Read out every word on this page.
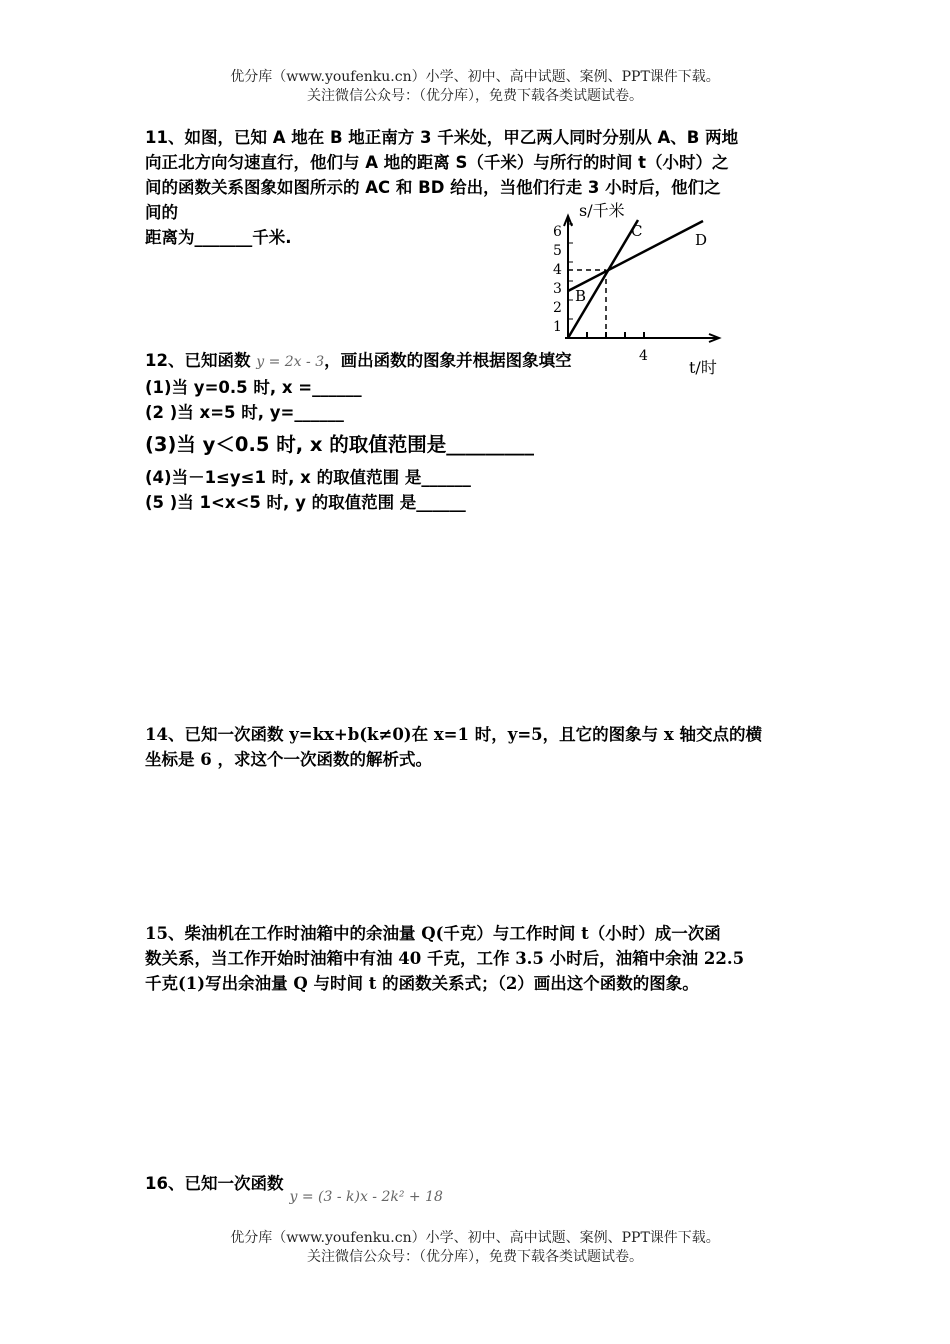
优分库（www.youfenku.cn）小学、初中、高中试题、案例、PPT课件下载。
关注微信公众号：（优分库），免费下载各类试题试卷。
11、如图，已知 A 地在 B 地正南方 3 千米处，甲乙两人同时分别从 A、B 两地
向正北方向匀速直行，他们与 A 地的距离 S（千米）与所行的时间 t（小时）之
间的函数关系图象如图所示的 AC 和 BD 给出，当他们行走 3 小时后，他们之
间的
距离为_______千米.
1
2
3
4
5
6
4
s/千米
t/时
C	D
B
12、已知函数 y = 2x - 3，画出函数的图象并根据图象填空
(1)当 y=0.5 时, x =______
(2 )当 x=5 时, y=______
(3)当 y＜0.5 时, x 的取值范围是_________
(4)当－1≤y≤1 时, x 的取值范围 是______
(5 )当 1<x<5 时, y 的取值范围 是______
14、已知一次函数 y=kx+b(k≠0)在 x=1 时，y=5，且它的图象与 x 轴交点的横
坐标是 6 ，求这个一次函数的解析式。
15、柴油机在工作时油箱中的余油量 Q(千克）与工作时间 t（小时）成一次函
数关系，当工作开始时油箱中有油 40 千克，工作 3.5 小时后，油箱中余油 22.5
千克(1)写出余油量 Q 与时间 t 的函数关系式；（2）画出这个函数的图象。
16、已知一次函数$_{y = (3 - k)x - 2k^2 + 18}$
优分库（www.youfenku.cn）小学、初中、高中试题、案例、PPT课件下载。
关注微信公众号：（优分库），免费下载各类试题试卷。
